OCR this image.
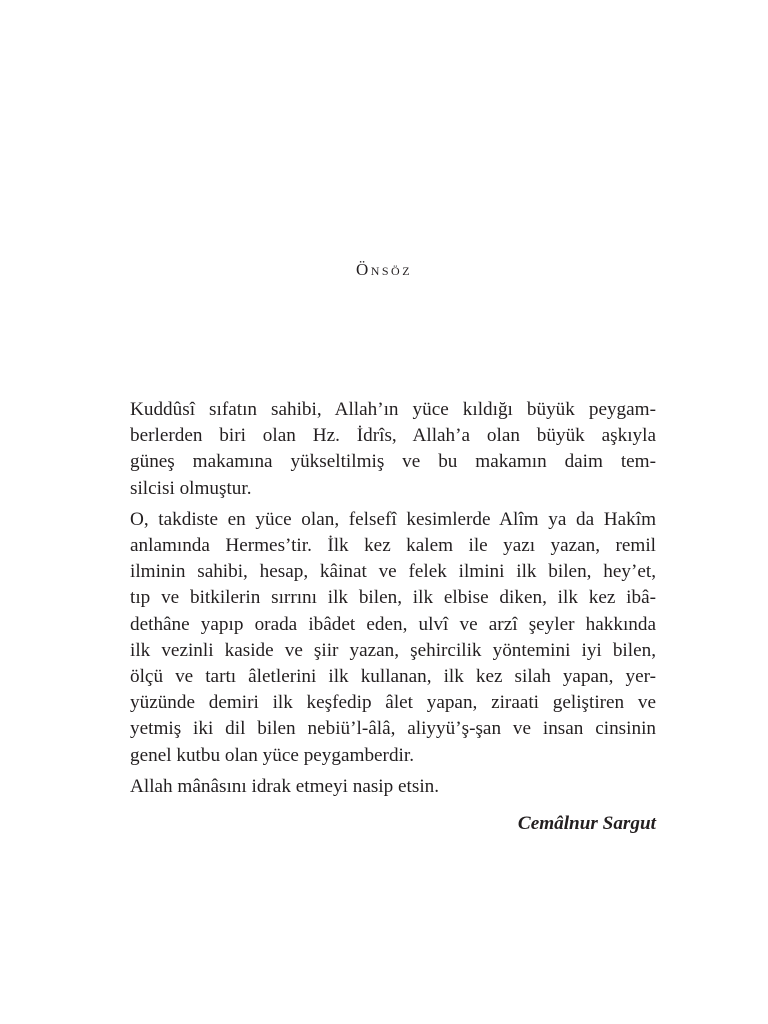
Önsöz

Kuddûsî sıfatın sahibi, Allah’ın yüce kıldığı büyük peygam-
berlerden biri olan Hz. İdrîs, Allah’a olan büyük aşkıyla
güneş makamına yükseltilmiş ve bu makamın daim tem-
silcisi olmuştur.

O, takdiste en yüce olan, felsefî kesimlerde Alîm ya da Hakîm
anlamında Hermes’tir. İlk kez kalem ile yazı yazan, remil
ilminin sahibi, hesap, kâinat ve felek ilmini ilk bilen, hey’et,
tıp ve bitkilerin sırrını ilk bilen, ilk elbise diken, ilk kez ibâ-
dethâne yapıp orada ibâdet eden, ulvî ve arzî şeyler hakkında
ilk vezinli kaside ve şiir yazan, şehircilik yöntemini iyi bilen,
ölçü ve tartı âletlerini ilk kullanan, ilk kez silah yapan, yer-
yüzünde demiri ilk keşfedip âlet yapan, ziraati geliştiren ve
yetmiş iki dil bilen nebiü’l-âlâ, aliyyü’ş-şan ve insan cinsinin
genel kutbu olan yüce peygamberdir.

Allah mânâsını idrak etmeyi nasip etsin.

Cemâlnur Sargut
